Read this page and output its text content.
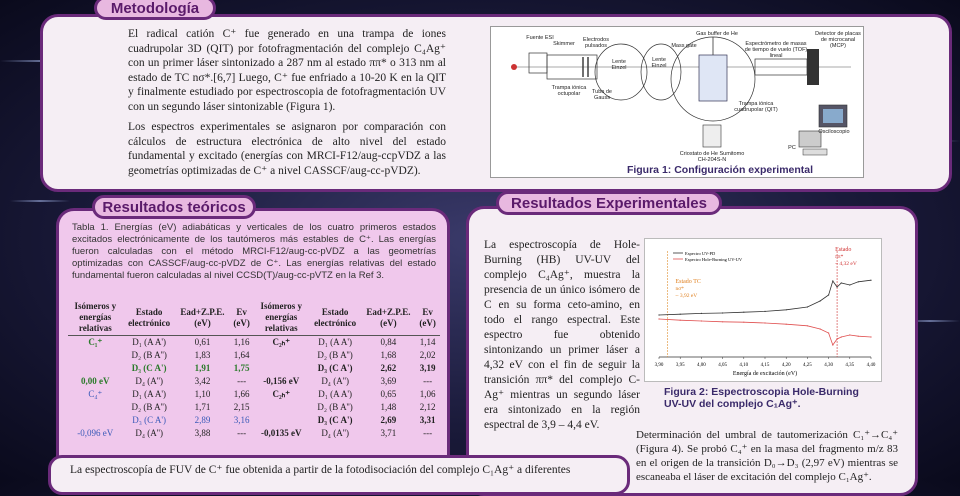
Metodología

El radical catión C⁺ fue generado en una trampa de iones cuadrupolar 3D (QIT) por fotofragmentación del complejo C₄Ag⁺ con un primer láser sintonizado a 287 nm al estado ππ* o 313 nm al estado de TC nσ*.[6,7] Luego, C⁺ fue enfriado a 10-20 K en la QIT y finalmente estudiado por espectroscopia de fotofragmentación UV con un segundo láser sintonizable (Figura 1).

Los espectros experimentales se asignaron por comparación con cálculos de estructura electrónica de alto nivel del estado fundamental y excitado (energías con MRCI-F12/aug-ccpVDZ a las geometrías optimizadas de C⁺ a nivel CASSCF/aug-cc-pVDZ).

Fuente ESI
Skimmer
Electrodos pulsados
Lente Einzel
Lente Einzel
Gas buffer de He
Mass gate	Espectrómetro de masas de tiempo de vuelo (TOF) lineal
Detector de placas de microcanal (MCP)
Trampa iónica octupolar	Tubo de Gauss
Trampa iónica cuadrupolar (QIT)
Osciloscopio
PC
Criostato de He Sumitomo CH-204S-N
Figura 1: Configuración experimental
Resultados teóricos
Tabla 1. Energías (eV) adiabáticas y verticales de los cuatro primeros estados excitados electrónicamente de los tautómeros más estables de C⁺. Las energías fueron calculadas con el método MRCI-F12/aug-cc-pVDZ a las geometrías optimizadas con CASSCF/aug-cc-pVDZ de C⁺. Las energías relativas del estado fundamental fueron calculadas al nivel CCSD(T)/aug-cc-pVTZ en la Ref 3.
Isómeros y energías relativas	Estado electrónico	Ead+Z.P.E. (eV)	Ev (eV)	Isómeros y energías relativas	Estado electrónico	Ead+Z.P.E. (eV)	Ev (eV)
C₁⁺	D₁ (A A')	0,61	1,16	C₂ₕ⁺	D₁ (A A')	0,84	1,14
	D₂ (B A'')	1,83	1,64		D₂ (B A'')	1,68	2,02
	D₃ (C A')	1,91	1,75		D₃ (C A')	2,62	3,19
0,00 eV	D₄ (A'')	3,42	---	-0,156 eV	D₄ (A'')	3,69	---
C₄⁺	D₁ (A A')	1,10	1,66	C₂ₕ⁺	D₁ (A A')	0,65	1,06
	D₂ (B A'')	1,71	2,15		D₂ (B A'')	1,48	2,12
	D₃ (C A')	2,89	3,16		D₃ (C A')	2,69	3,31
-0,096 eV	D₄ (A'')	3,88	---	-0,0135 eV	D₄ (A'')	3,71	---
Resultados Experimentales
La espectroscopía de Hole-Burning (HB) UV-UV del complejo C₄Ag⁺, muestra la presencia de un único isómero de C en su forma ceto-amino, en todo el rango espectral. Este espectro fue obtenido sintonizando un primer láser a 4,32 eV con el fin de seguir la transición ππ* del complejo C-Ag⁺ mientras un segundo láser era sintonizado en la región espectral de 3,9 – 4,4 eV.
3,90 3,95 4,00 4,05 4,10 4,15 4,20 4,25 4,30 4,35 4,40
Energía de excitación (eV)
Estado TC
nσ*
~ 3,92 eV
Estado
ππ*
~ 4,32 eV
Espectro UV-PD
Espectro Hole-Burning UV-UV
Figura 2: Espectroscopia Hole-Burning UV-UV del complejo C₁Ag⁺.
Determinación del umbral de tautomerización C₁⁺→C₄⁺ (Figura 4). Se probó C₄⁺ en la masa del fragmento m/z 83 en el origen de la transición D₀→D₃ (2,97 eV) mientras se escaneaba el láser de excitación del complejo C₁Ag⁺.
La espectroscopía de FUV de C⁺ fue obtenida a partir de la fotodisociación del complejo C₁Ag⁺ a diferentes
